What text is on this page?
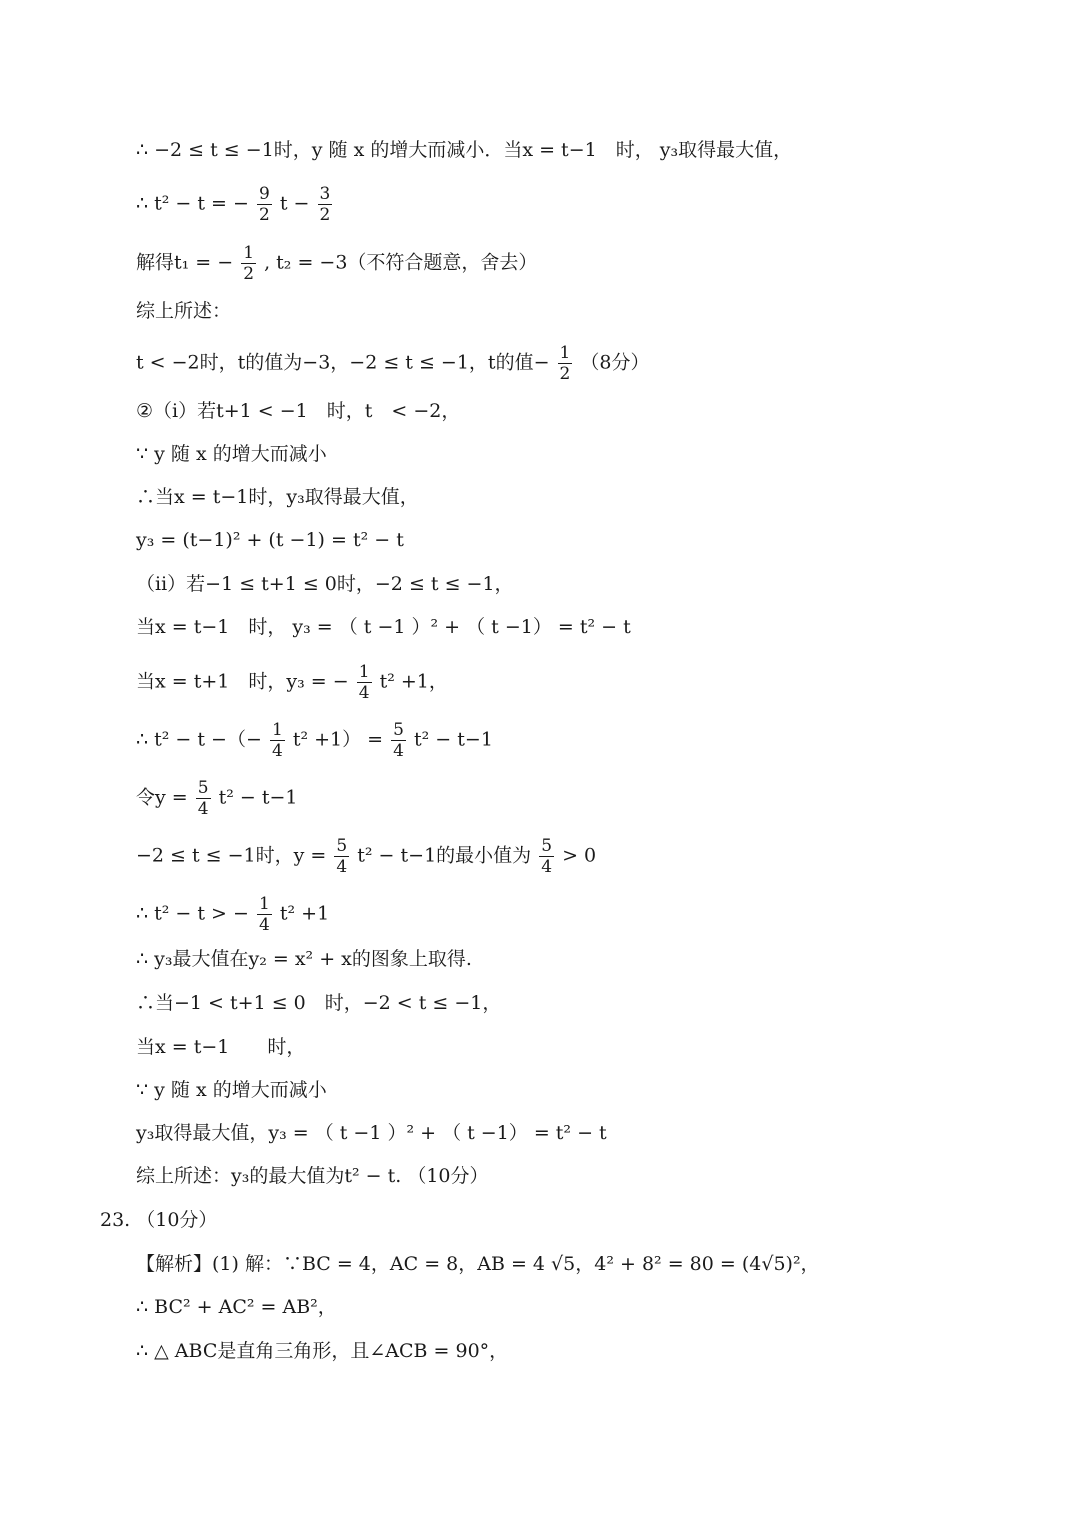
∴ −2 ≤ t ≤ −1时，y 随 x 的增大而减小．当x = t−1　时， y₃取得最大值，
∴ t² − t = − $\frac{9}{2}$ $t - \frac{3}{2}$
解得t₁ = − $\frac{1}{2}$ , t₂ = −3（不符合题意，舍去）
综上所述：
t < −2时，t的值为−3，−2 ≤ t ≤ −1，t的值− $\frac{1}{2} (8$分）
②（ⅰ）若t+1 < −1　时，t　< −2，
∵ y 随 x 的增大而减小
∴当x = t−1时，y₃取得最大值，
y₃ = (t−1)² + (t −1) = t² − t
（ⅱ）若−1 ≤ t+1 ≤ 0时，−2 ≤ t ≤ −1，
当x = t−1　时， y₃ = （ t −1 ）² + （ t −1） = t² − t
当x = t+1　时，y₃ = − $\frac{1}{4} t^2 +1$，
∴ t² − t −（− $\frac{1}{4} t^2 +1) = \frac{5}{4} t^2 - t-1$
令$y = \frac{5}{4} t^2 - t-1$
−2 ≤ t ≤ −1时，$y = \frac{5}{4} t^2 - t-1$的最小值为 $\frac{5}{4} > 0$
∴ t² − t > − $\frac{1}{4} t^2 +1$
∴ y₃最大值在y₂ = x² + x的图象上取得.
∴当−1 < t+1 ≤ 0　时，−2 < t ≤ −1，
当x = t−1　　时，
∵ y 随 x 的增大而减小
y₃取得最大值，y₃ = （ t −1 ）² + （ t −1） = t² − t
综上所述：y₃的最大值为t² − t. （10分）
23. （10分）
【解析】(1) 解：∵BC = 4，AC = 8，AB = 4 √5，4² + 8² = 80 = (4√5)²，
∴ BC² + AC² = AB²，
∴ △ ABC是直角三角形，且∠ACB = 90°，
